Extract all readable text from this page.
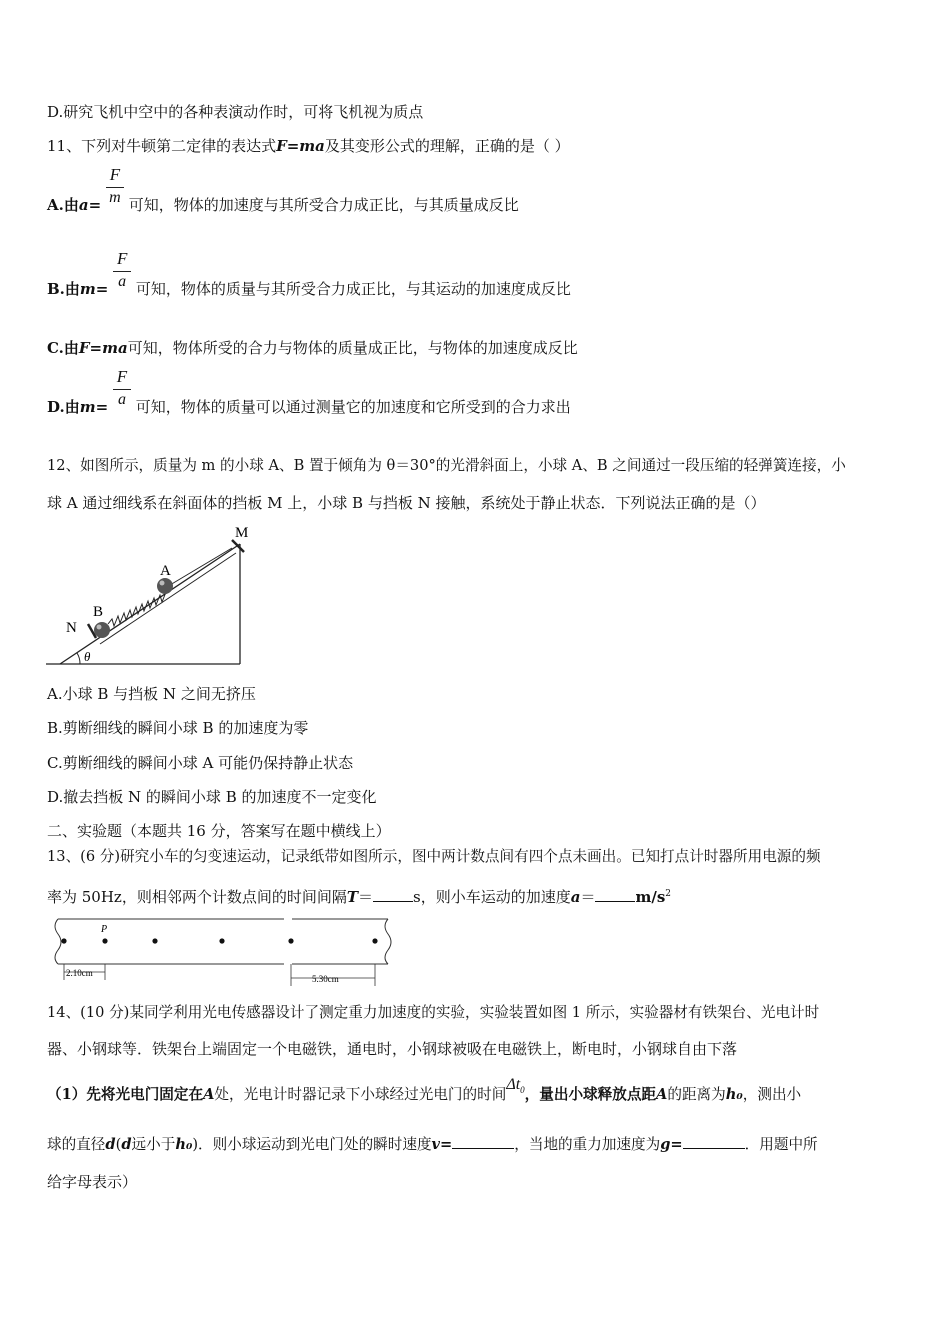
D.研究飞机中空中的各种表演动作时，可将飞机视为质点
11、下列对牛顿第二定律的表达式F=ma及其变形公式的理解，正确的是（ ）
A.由$a= \frac{F}{m}$ 可知，物体的加速度与其所受合力成正比，与其质量成反比
B.由$m= \frac{F}{a}$ 可知，物体的质量与其所受合力成正比，与其运动的加速度成反比
C.由F=ma可知，物体所受的合力与物体的质量成正比，与物体的加速度成反比
D.由$m= \frac{F}{a}$ 可知，物体的质量可以通过测量它的加速度和它所受到的合力求出
12、如图所示，质量为 m 的小球 A、B 置于倾角为 θ＝30°的光滑斜面上，小球 A、B 之间通过一段压缩的轻弹簧连接，小
球 A 通过细线系在斜面体的挡板 M 上，小球 B 与挡板 N 接触，系统处于静止状态．下列说法正确的是（）
M
A
B
N
θ
A.小球 B 与挡板 N 之间无挤压
B.剪断细线的瞬间小球 B 的加速度为零
C.剪断细线的瞬间小球 A 可能仍保持静止状态
D.撤去挡板 N 的瞬间小球 B 的加速度不一定变化
二、实验题（本题共 16 分，答案写在题中横线上）
13、(6 分)研究小车的匀变速运动，记录纸带如图所示，图中两计数点间有四个点未画出。已知打点计时器所用电源的频
率为 50Hz，则相邻两个计数点间的时间间隔T＝	s，则小车运动的加速度a＝	$m/s^2$
P
2.10cm
5.30cm
14、(10 分)某同学利用光电传感器设计了测定重力加速度的实验，实验装置如图 1 所示，实验器材有铁架台、光电计时
器、小钢球等．铁架台上端固定一个电磁铁，通电时，小钢球被吸在电磁铁上，断电时，小钢球自由下落
（1）先将光电门固定在A处，光电计时器记录下小球经过光电门的时间$\Delta t_0$，量出小球释放点距A的距离为h₀，测出小
球的直径d(d远小于h₀)．则小球运动到光电门处的瞬时速度v=	，当地的重力加速度为g=	．用题中所
给字母表示）
